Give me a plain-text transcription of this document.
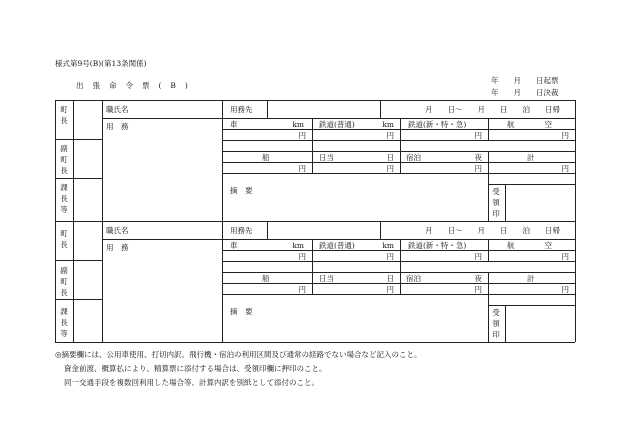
様式第9号(B)(第13条関係)
出張命令票(B)
年　　月　　日起票
年　　月　　日決裁
町長
副町長
課長等
職氏名	用務先	月　　日～　　月　　日　　泊　　日帰
用　務	車	km 鉄道(普通)	km 鉄道(新・特・急)	航　　　　空
円	円	円	円
船	日当	日 宿泊	夜	計
円	円	円	円
摘　要	受領印
町長
副町長
課長等
職氏名	用務先	月　　日～　　月　　日　　泊　　日帰
用　務	車	km 鉄道(普通)	km 鉄道(新・特・急)	航　　　　空
円	円	円	円
船	日当	日 宿泊	夜	計
円	円	円	円
摘　要	受領印
◎摘要欄には、公用車使用、打切内訳、飛行機・宿泊の利用区間及び通常の経路でない場合など記入のこと。
資金前渡、概算払により、精算票に添付する場合は、受領印欄に押印のこと。
同一交通手段を複数回利用した場合等、計算内訳を別紙として添付のこと。
